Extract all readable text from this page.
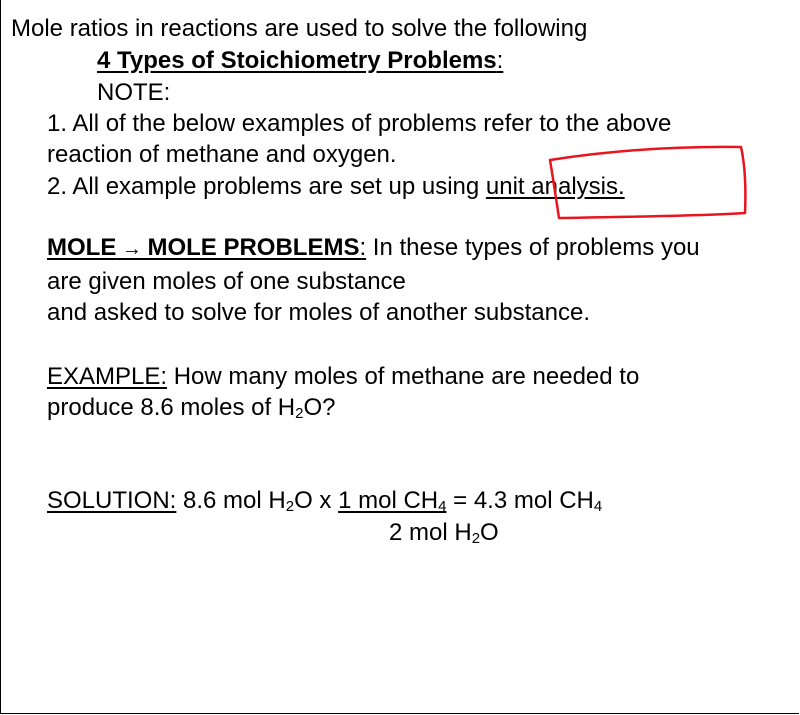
Mole ratios in reactions are used to solve the following
4 Types of Stoichiometry Problems:
NOTE:
1. All of the below examples of problems refer to the above
reaction of methane and oxygen.
2. All example problems are set up using unit analysis.
MOLE → MOLE PROBLEMS: In these types of problems you
are given moles of one substance
and asked to solve for moles of another substance.
EXAMPLE: How many moles of methane are needed to
produce 8.6 moles of $H_2O$?
SOLUTION: 8.6 mol $H_2O$ x 1 mol $CH_4 = 4.3$ mol $CH_4$
2 mol $H_2O$
